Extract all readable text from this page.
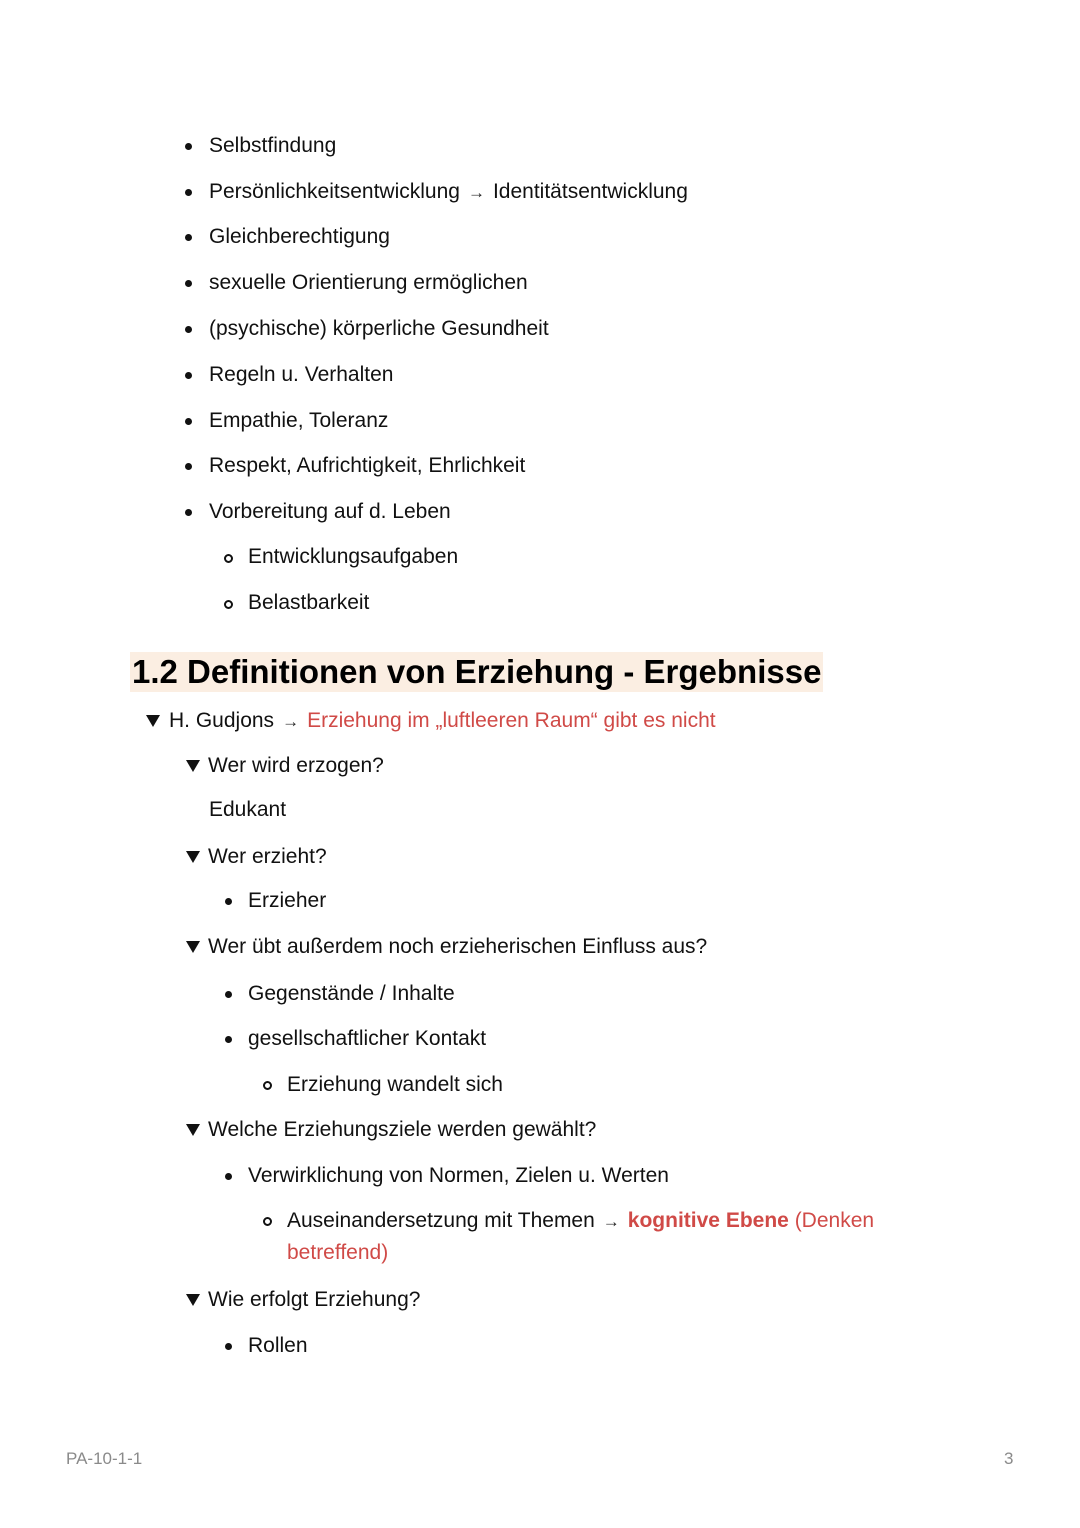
Selbstfindung
Persönlichkeitsentwicklung → Identitätsentwicklung
Gleichberechtigung
sexuelle Orientierung ermöglichen
(psychische) körperliche Gesundheit
Regeln u. Verhalten
Empathie, Toleranz
Respekt, Aufrichtigkeit, Ehrlichkeit
Vorbereitung auf d. Leben
Entwicklungsaufgaben
Belastbarkeit
1.2 Definitionen von Erziehung - Ergebnisse
H. Gudjons → Erziehung im „luftleeren Raum“ gibt es nicht
Wer wird erzogen?
Edukant
Wer erzieht?
Erzieher
Wer übt außerdem noch erzieherischen Einfluss aus?
Gegenstände / Inhalte
gesellschaftlicher Kontakt
Erziehung wandelt sich
Welche Erziehungsziele werden gewählt?
Verwirklichung von Normen, Zielen u. Werten
Auseinandersetzung mit Themen → kognitive Ebene (Denken
betreffend)
Wie erfolgt Erziehung?
Rollen
PA-10-1-1	3
